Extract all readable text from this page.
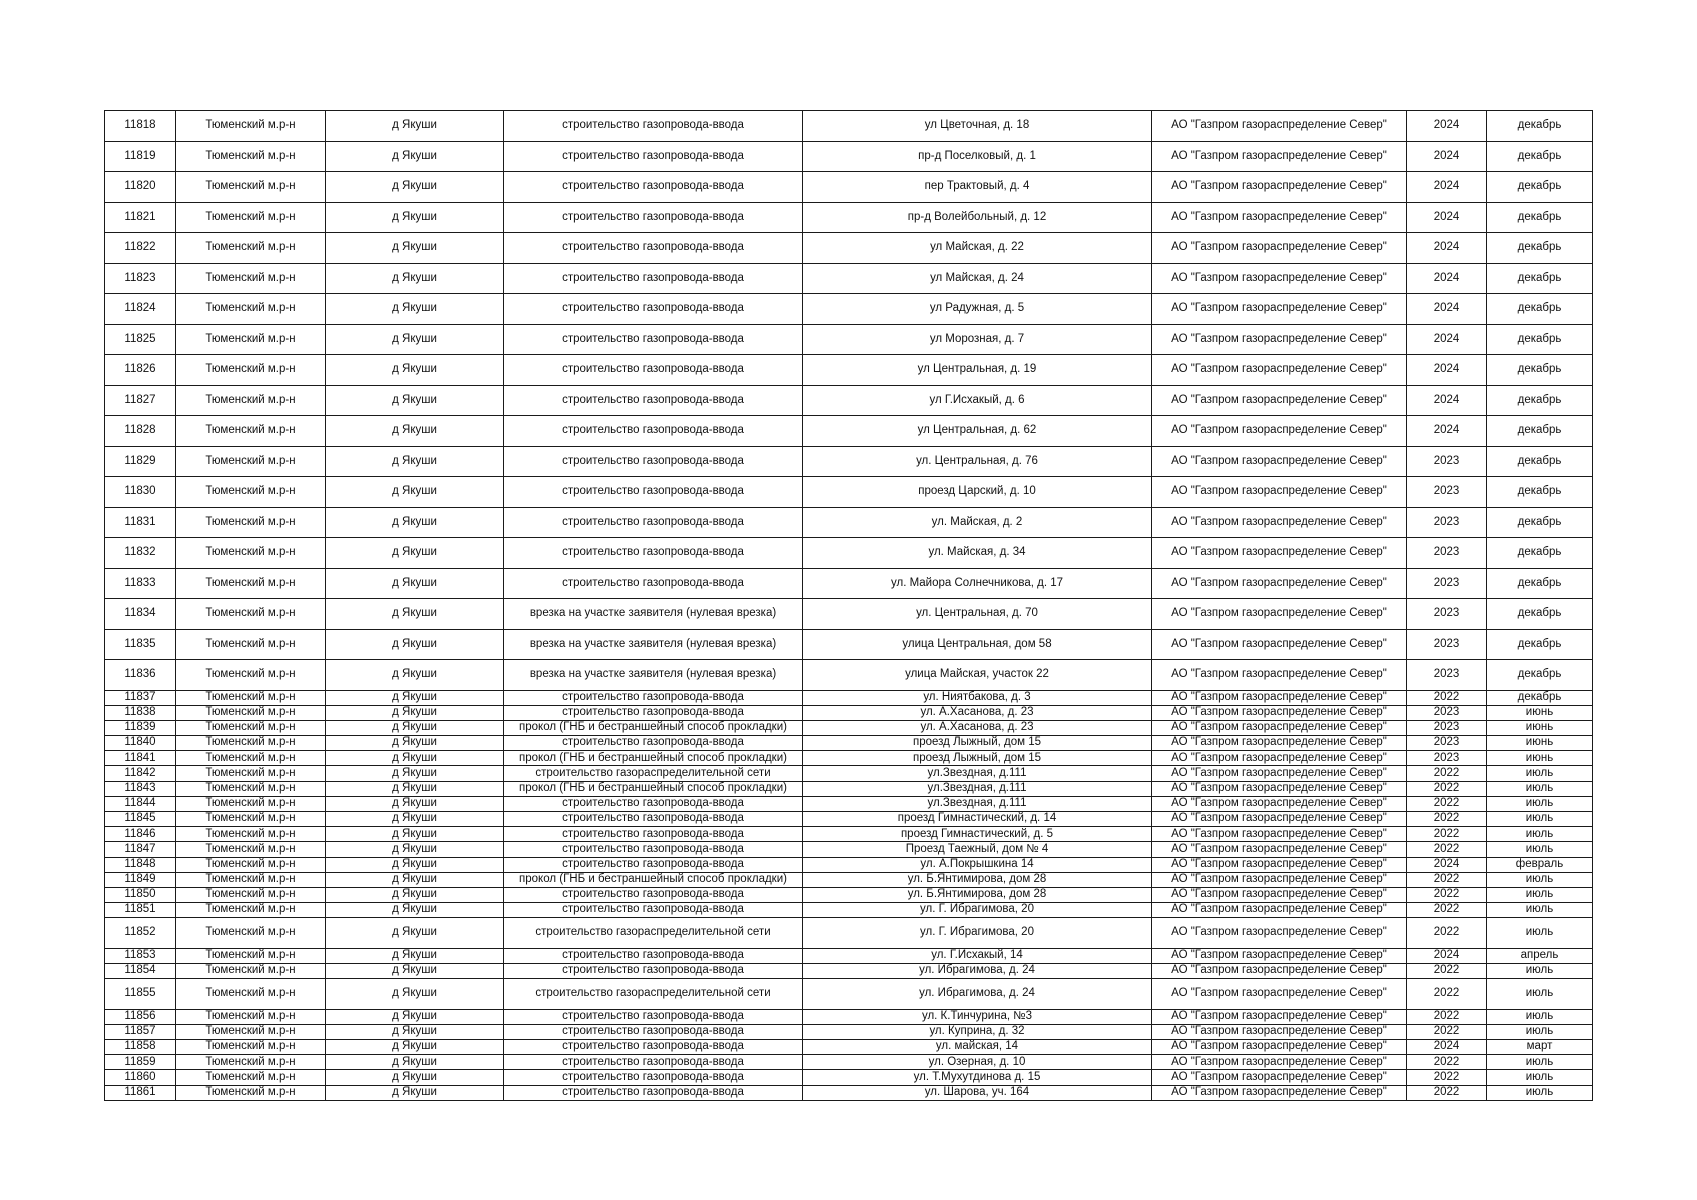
11818	Тюменский м.р-н	д Якуши	строительство газопровода-ввода	ул Цветочная, д. 18	АО "Газпром газораспределение Север"	2024	декабрь
11819	Тюменский м.р-н	д Якуши	строительство газопровода-ввода	пр-д Поселковый, д. 1	АО "Газпром газораспределение Север"	2024	декабрь
11820	Тюменский м.р-н	д Якуши	строительство газопровода-ввода	пер Трактовый, д. 4	АО "Газпром газораспределение Север"	2024	декабрь
11821	Тюменский м.р-н	д Якуши	строительство газопровода-ввода	пр-д Волейбольный, д. 12	АО "Газпром газораспределение Север"	2024	декабрь
11822	Тюменский м.р-н	д Якуши	строительство газопровода-ввода	ул Майская, д. 22	АО "Газпром газораспределение Север"	2024	декабрь
11823	Тюменский м.р-н	д Якуши	строительство газопровода-ввода	ул Майская, д. 24	АО "Газпром газораспределение Север"	2024	декабрь
11824	Тюменский м.р-н	д Якуши	строительство газопровода-ввода	ул Радужная, д. 5	АО "Газпром газораспределение Север"	2024	декабрь
11825	Тюменский м.р-н	д Якуши	строительство газопровода-ввода	ул Морозная, д. 7	АО "Газпром газораспределение Север"	2024	декабрь
11826	Тюменский м.р-н	д Якуши	строительство газопровода-ввода	ул Центральная, д. 19	АО "Газпром газораспределение Север"	2024	декабрь
11827	Тюменский м.р-н	д Якуши	строительство газопровода-ввода	ул Г.Исхакый, д. 6	АО "Газпром газораспределение Север"	2024	декабрь
11828	Тюменский м.р-н	д Якуши	строительство газопровода-ввода	ул Центральная, д. 62	АО "Газпром газораспределение Север"	2024	декабрь
11829	Тюменский м.р-н	д Якуши	строительство газопровода-ввода	ул. Центральная, д. 76	АО "Газпром газораспределение Север"	2023	декабрь
11830	Тюменский м.р-н	д Якуши	строительство газопровода-ввода	проезд Царский, д. 10	АО "Газпром газораспределение Север"	2023	декабрь
11831	Тюменский м.р-н	д Якуши	строительство газопровода-ввода	ул. Майская, д. 2	АО "Газпром газораспределение Север"	2023	декабрь
11832	Тюменский м.р-н	д Якуши	строительство газопровода-ввода	ул. Майская, д. 34	АО "Газпром газораспределение Север"	2023	декабрь
11833	Тюменский м.р-н	д Якуши	строительство газопровода-ввода	ул. Майора Солнечникова, д. 17	АО "Газпром газораспределение Север"	2023	декабрь
11834	Тюменский м.р-н	д Якуши	врезка на участке заявителя (нулевая врезка)	ул. Центральная, д. 70	АО "Газпром газораспределение Север"	2023	декабрь
11835	Тюменский м.р-н	д Якуши	врезка на участке заявителя (нулевая врезка)	улица Центральная, дом 58	АО "Газпром газораспределение Север"	2023	декабрь
11836	Тюменский м.р-н	д Якуши	врезка на участке заявителя (нулевая врезка)	улица Майская, участок 22	АО "Газпром газораспределение Север"	2023	декабрь
11837	Тюменский м.р-н	д Якуши	строительство газопровода-ввода	ул. Ниятбакова, д. 3	АО "Газпром газораспределение Север"	2022	декабрь
11838	Тюменский м.р-н	д Якуши	строительство газопровода-ввода	ул. А.Хасанова, д. 23	АО "Газпром газораспределение Север"	2023	июнь
11839	Тюменский м.р-н	д Якуши	прокол (ГНБ и бестраншейный способ прокладки)	ул. А.Хасанова, д. 23	АО "Газпром газораспределение Север"	2023	июнь
11840	Тюменский м.р-н	д Якуши	строительство газопровода-ввода	проезд Лыжный, дом 15	АО "Газпром газораспределение Север"	2023	июнь
11841	Тюменский м.р-н	д Якуши	прокол (ГНБ и бестраншейный способ прокладки)	проезд Лыжный, дом 15	АО "Газпром газораспределение Север"	2023	июнь
11842	Тюменский м.р-н	д Якуши	строительство газораспределительной сети	ул.Звездная, д.111	АО "Газпром газораспределение Север"	2022	июль
11843	Тюменский м.р-н	д Якуши	прокол (ГНБ и бестраншейный способ прокладки)	ул.Звездная, д.111	АО "Газпром газораспределение Север"	2022	июль
11844	Тюменский м.р-н	д Якуши	строительство газопровода-ввода	ул.Звездная, д.111	АО "Газпром газораспределение Север"	2022	июль
11845	Тюменский м.р-н	д Якуши	строительство газопровода-ввода	проезд Гимнастический, д. 14	АО "Газпром газораспределение Север"	2022	июль
11846	Тюменский м.р-н	д Якуши	строительство газопровода-ввода	проезд Гимнастический, д. 5	АО "Газпром газораспределение Север"	2022	июль
11847	Тюменский м.р-н	д Якуши	строительство газопровода-ввода	Проезд Таежный, дом № 4	АО "Газпром газораспределение Север"	2022	июль
11848	Тюменский м.р-н	д Якуши	строительство газопровода-ввода	ул. А.Покрышкина 14	АО "Газпром газораспределение Север"	2024	февраль
11849	Тюменский м.р-н	д Якуши	прокол (ГНБ и бестраншейный способ прокладки)	ул. Б.Янтимирова, дом 28	АО "Газпром газораспределение Север"	2022	июль
11850	Тюменский м.р-н	д Якуши	строительство газопровода-ввода	ул. Б.Янтимирова, дом 28	АО "Газпром газораспределение Север"	2022	июль
11851	Тюменский м.р-н	д Якуши	строительство газопровода-ввода	ул. Г. Ибрагимова, 20	АО "Газпром газораспределение Север"	2022	июль
11852	Тюменский м.р-н	д Якуши	строительство газораспределительной сети	ул. Г. Ибрагимова, 20	АО "Газпром газораспределение Север"	2022	июль
11853	Тюменский м.р-н	д Якуши	строительство газопровода-ввода	ул. Г.Исхакый, 14	АО "Газпром газораспределение Север"	2024	апрель
11854	Тюменский м.р-н	д Якуши	строительство газопровода-ввода	ул. Ибрагимова, д. 24	АО "Газпром газораспределение Север"	2022	июль
11855	Тюменский м.р-н	д Якуши	строительство газораспределительной сети	ул. Ибрагимова, д. 24	АО "Газпром газораспределение Север"	2022	июль
11856	Тюменский м.р-н	д Якуши	строительство газопровода-ввода	ул. К.Тинчурина, №3	АО "Газпром газораспределение Север"	2022	июль
11857	Тюменский м.р-н	д Якуши	строительство газопровода-ввода	ул. Куприна, д. 32	АО "Газпром газораспределение Север"	2022	июль
11858	Тюменский м.р-н	д Якуши	строительство газопровода-ввода	ул. майская, 14	АО "Газпром газораспределение Север"	2024	март
11859	Тюменский м.р-н	д Якуши	строительство газопровода-ввода	ул. Озерная, д. 10	АО "Газпром газораспределение Север"	2022	июль
11860	Тюменский м.р-н	д Якуши	строительство газопровода-ввода	ул. Т.Мухутдинова д. 15	АО "Газпром газораспределение Север"	2022	июль
11861	Тюменский м.р-н	д Якуши	строительство газопровода-ввода	ул. Шарова, уч. 164	АО "Газпром газораспределение Север"	2022	июль
